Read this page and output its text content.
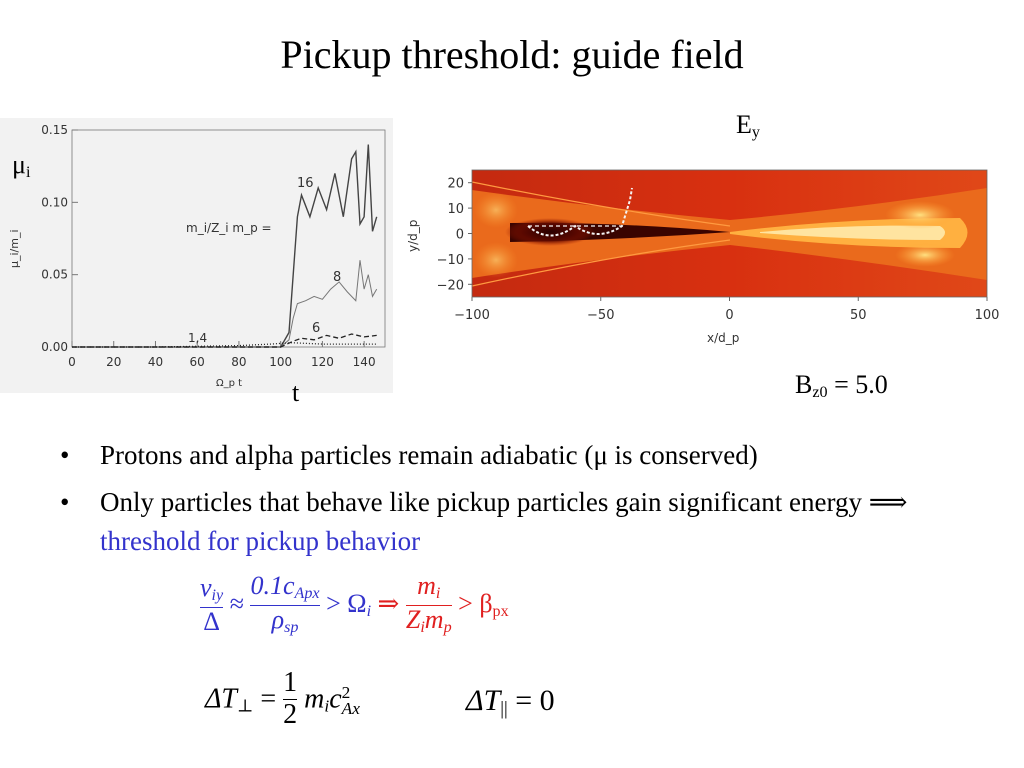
Pickup threshold: guide field
0.00
0.05
0.10
0.15
0	20 40 60 80 100 120 140
m_i/Z_i m_p =
16
8
6
1,4
μ_i/m_i
Ω_p t
$\mu_i$
t
$E_y$
20
10
0
−10
−20
−100	−50	0	50	100
y/d_p
x/d_p
$B_{z0} = 5.0$
• Protons and alpha particles remain adiabatic (μ is conserved)
• Only particles that behave like pickup particles gain significant energy ⟹ threshold for pickup behavior
$\frac{v_{iy}}{\Delta} \approx \frac{0.1c_{Apx}}{\rho_{sp}} > \Omega_i$ ⇒ $\frac{m_i}{Z_im_p} > \beta_{px}$
$\Delta T_\perp = \frac{1}{2} m_ic$ 2
Ax	$\Delta T_{||} = 0$
